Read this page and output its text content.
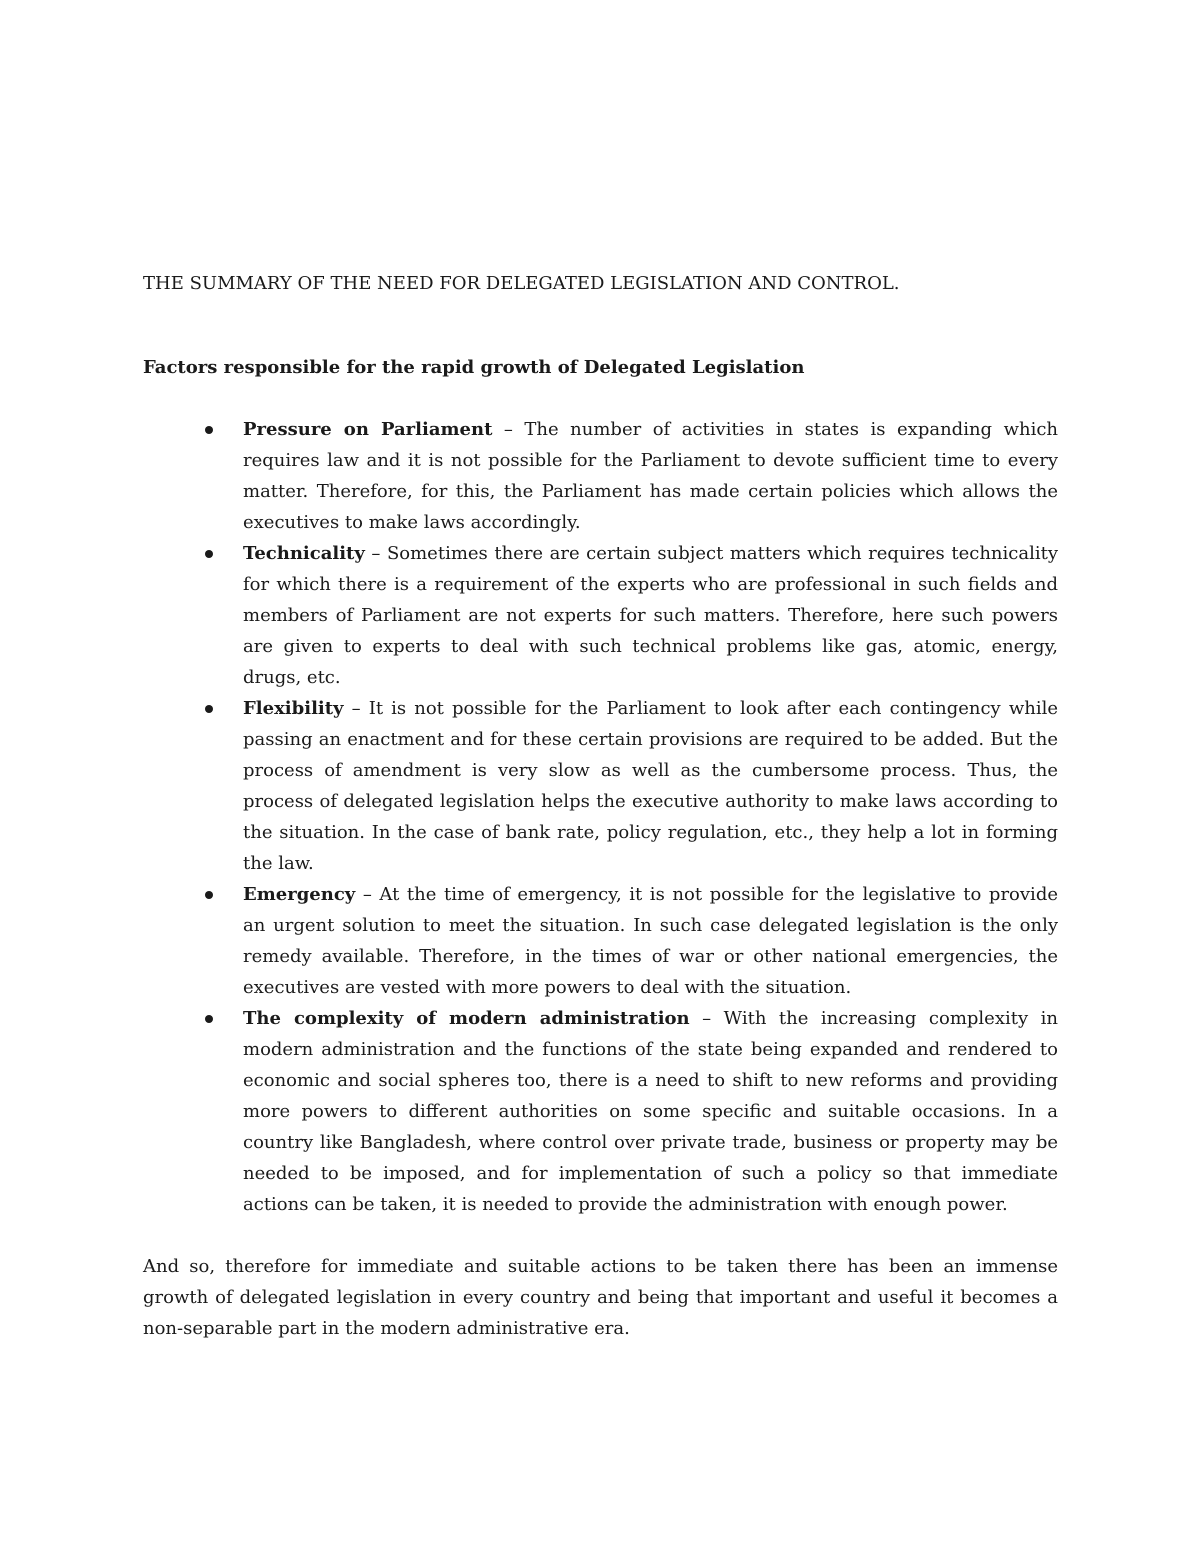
THE SUMMARY OF THE NEED FOR DELEGATED LEGISLATION AND CONTROL.
Factors responsible for the rapid growth of Delegated Legislation
Pressure on Parliament – The number of activities in states is expanding which requires law and it is not possible for the Parliament to devote sufficient time to every matter. Therefore, for this, the Parliament has made certain policies which allows the executives to make laws accordingly.
Technicality – Sometimes there are certain subject matters which requires technicality for which there is a requirement of the experts who are professional in such fields and members of Parliament are not experts for such matters. Therefore, here such powers are given to experts to deal with such technical problems like gas, atomic, energy, drugs, etc.
Flexibility – It is not possible for the Parliament to look after each contingency while passing an enactment and for these certain provisions are required to be added. But the process of amendment is very slow as well as the cumbersome process. Thus, the process of delegated legislation helps the executive authority to make laws according to the situation. In the case of bank rate, policy regulation, etc., they help a lot in forming the law.
Emergency – At the time of emergency, it is not possible for the legislative to provide an urgent solution to meet the situation. In such case delegated legislation is the only remedy available. Therefore, in the times of war or other national emergencies, the executives are vested with more powers to deal with the situation.
The complexity of modern administration – With the increasing complexity in modern administration and the functions of the state being expanded and rendered to economic and social spheres too, there is a need to shift to new reforms and providing more powers to different authorities on some specific and suitable occasions. In a country like Bangladesh, where control over private trade, business or property may be needed to be imposed, and for implementation of such a policy so that immediate actions can be taken, it is needed to provide the administration with enough power.

And so, therefore for immediate and suitable actions to be taken there has been an immense growth of delegated legislation in every country and being that important and useful it becomes a non-separable part in the modern administrative era.
